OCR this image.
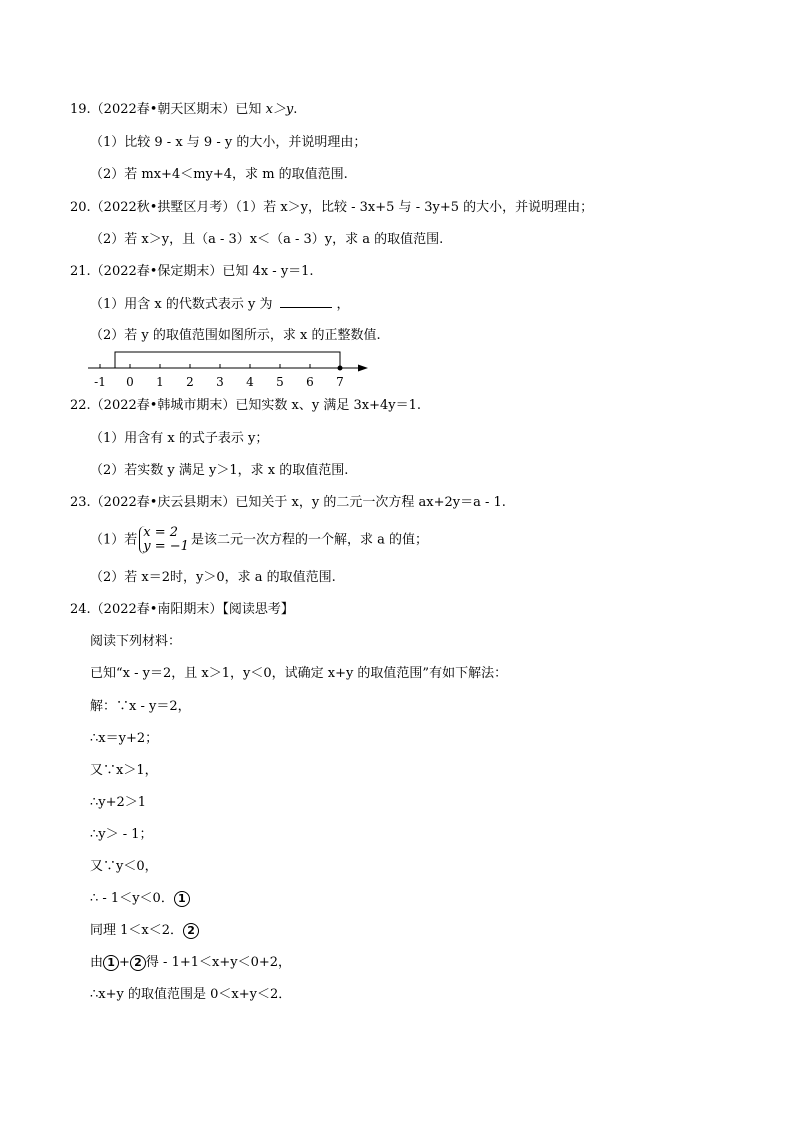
19.（2022春•朝天区期末）已知 x＞y.
（1）比较 9 - x 与 9 - y 的大小，并说明理由；
（2）若 mx+4＜my+4，求 m 的取值范围.
20.（2022秋•拱墅区月考）（1）若 x＞y，比较 - 3x+5 与 - 3y+5 的大小，并说明理由；
（2）若 x＞y，且（a - 3）x＜（a - 3）y，求 a 的取值范围.
21.（2022春•保定期末）已知 4x - y＝1.
（1）用含 x 的代数式表示 y 为	，
（2）若 y 的取值范围如图所示，求 x 的正整数值.
-1 0 1 2 3 4 5 6 7
22.（2022春•韩城市期末）已知实数 x、y 满足 3x+4y＝1.
（1）用含有 x 的式子表示 y；
（2）若实数 y 满足 y＞1，求 x 的取值范围.
23.（2022春•庆云县期末）已知关于 x，y 的二元一次方程 ax+2y＝a - 1.
（1）若 x = 2
y = −1 是该二元一次方程的一个解，求 a 的值；
（2）若 x＝2时，y＞0，求 a 的取值范围.
24.（2022春•南阳期末）【阅读思考】
阅读下列材料：
已知“x - y＝2，且 x＞1，y＜0，试确定 x+y 的取值范围”有如下解法：
解：∵x - y＝2，
∴x＝y+2；
又∵x＞1，
∴y+2＞1
∴y＞ - 1；
又∵y＜0，
∴ - 1＜y＜0． 1
同理 1＜x＜2． 2
由 1 + 2 得 - 1+1＜x+y＜0+2，
∴x+y 的取值范围是 0＜x+y＜2．
